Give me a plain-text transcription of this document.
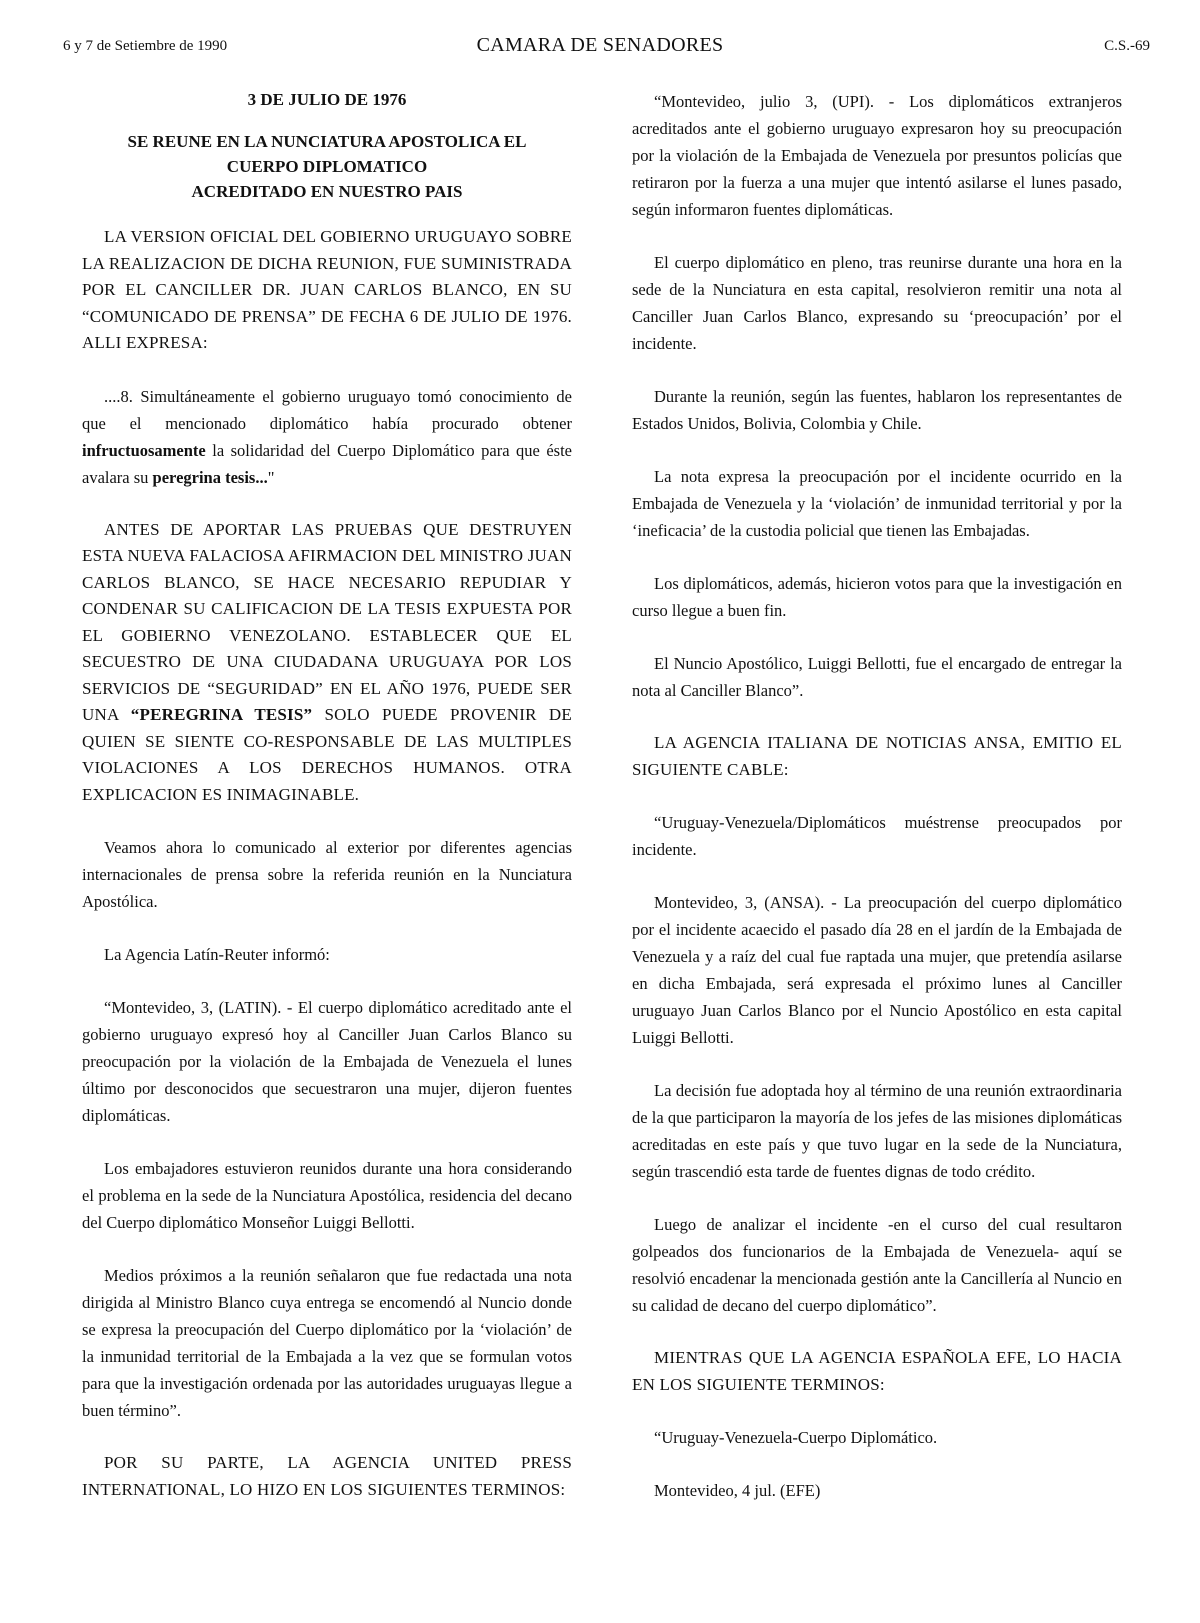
6 y 7 de Setiembre de 1990	CAMARA DE SENADORES	C.S.-69
3 DE JULIO DE 1976
SE REUNE EN LA NUNCIATURA APOSTOLICA EL
CUERPO DIPLOMATICO
ACREDITADO EN NUESTRO PAIS

LA VERSION OFICIAL DEL GOBIERNO URUGUAYO SOBRE LA REALIZACION DE DICHA REUNION, FUE SUMINISTRADA POR EL CANCILLER DR. JUAN CARLOS BLANCO, EN SU “COMUNICADO DE PRENSA” DE FECHA 6 DE JULIO DE 1976. ALLI EXPRESA:

....8. Simultáneamente el gobierno uruguayo tomó conocimiento de que el mencionado diplomático había procurado obtener infructuosamente la solidaridad del Cuerpo Diplomático para que éste avalara su peregrina tesis..."

ANTES DE APORTAR LAS PRUEBAS QUE DESTRUYEN ESTA NUEVA FALACIOSA AFIRMACION DEL MINISTRO JUAN CARLOS BLANCO, SE HACE NECESARIO REPUDIAR Y CONDENAR SU CALIFICACION DE LA TESIS EXPUESTA POR EL GOBIERNO VENEZOLANO. ESTABLECER QUE EL SECUESTRO DE UNA CIUDADANA URUGUAYA POR LOS SERVICIOS DE “SEGURIDAD” EN EL AÑO 1976, PUEDE SER UNA “PEREGRINA TESIS” SOLO PUEDE PROVENIR DE QUIEN SE SIENTE CO-RESPONSABLE DE LAS MULTIPLES VIOLACIONES A LOS DERECHOS HUMANOS. OTRA EXPLICACION ES INIMAGINABLE.

Veamos ahora lo comunicado al exterior por diferentes agencias internacionales de prensa sobre la referida reunión en la Nunciatura Apostólica.

La Agencia Latín-Reuter informó:

“Montevideo, 3, (LATIN). - El cuerpo diplomático acreditado ante el gobierno uruguayo expresó hoy al Canciller Juan Carlos Blanco su preocupación por la violación de la Embajada de Venezuela el lunes último por desconocidos que secuestraron una mujer, dijeron fuentes diplomáticas.

Los embajadores estuvieron reunidos durante una hora considerando el problema en la sede de la Nunciatura Apostólica, residencia del decano del Cuerpo diplomático Monseñor Luiggi Bellotti.

Medios próximos a la reunión señalaron que fue redactada una nota dirigida al Ministro Blanco cuya entrega se encomendó al Nuncio donde se expresa la preocupación del Cuerpo diplomático por la ‘violación’ de la inmunidad territorial de la Embajada a la vez que se formulan votos para que la investigación ordenada por las autoridades uruguayas llegue a buen término”.

POR SU PARTE, LA AGENCIA UNITED PRESS INTERNATIONAL, LO HIZO EN LOS SIGUIENTES TERMINOS:

“Montevideo, julio 3, (UPI). - Los diplomáticos extranjeros acreditados ante el gobierno uruguayo expresaron hoy su preocupación por la violación de la Embajada de Venezuela por presuntos policías que retiraron por la fuerza a una mujer que intentó asilarse el lunes pasado, según informaron fuentes diplomáticas.

El cuerpo diplomático en pleno, tras reunirse durante una hora en la sede de la Nunciatura en esta capital, resolvieron remitir una nota al Canciller Juan Carlos Blanco, expresando su ‘preocupación’ por el incidente.

Durante la reunión, según las fuentes, hablaron los representantes de Estados Unidos, Bolivia, Colombia y Chile.

La nota expresa la preocupación por el incidente ocurrido en la Embajada de Venezuela y la ‘violación’ de inmunidad territorial y por la ‘ineficacia’ de la custodia policial que tienen las Embajadas.

Los diplomáticos, además, hicieron votos para que la investigación en curso llegue a buen fin.

El Nuncio Apostólico, Luiggi Bellotti, fue el encargado de entregar la nota al Canciller Blanco”.

LA AGENCIA ITALIANA DE NOTICIAS ANSA, EMITIO EL SIGUIENTE CABLE:

“Uruguay-Venezuela/Diplomáticos muéstrense preocupados por incidente.

Montevideo, 3, (ANSA). - La preocupación del cuerpo diplomático por el incidente acaecido el pasado día 28 en el jardín de la Embajada de Venezuela y a raíz del cual fue raptada una mujer, que pretendía asilarse en dicha Embajada, será expresada el próximo lunes al Canciller uruguayo Juan Carlos Blanco por el Nuncio Apostólico en esta capital Luiggi Bellotti.

La decisión fue adoptada hoy al término de una reunión extraordinaria de la que participaron la mayoría de los jefes de las misiones diplomáticas acreditadas en este país y que tuvo lugar en la sede de la Nunciatura, según trascendió esta tarde de fuentes dignas de todo crédito.

Luego de analizar el incidente -en el curso del cual resultaron golpeados dos funcionarios de la Embajada de Venezuela- aquí se resolvió encadenar la mencionada gestión ante la Cancillería al Nuncio en su calidad de decano del cuerpo diplomático”.

MIENTRAS QUE LA AGENCIA ESPAÑOLA EFE, LO HACIA EN LOS SIGUIENTE TERMINOS:

“Uruguay-Venezuela-Cuerpo Diplomático.

Montevideo, 4 jul. (EFE)
